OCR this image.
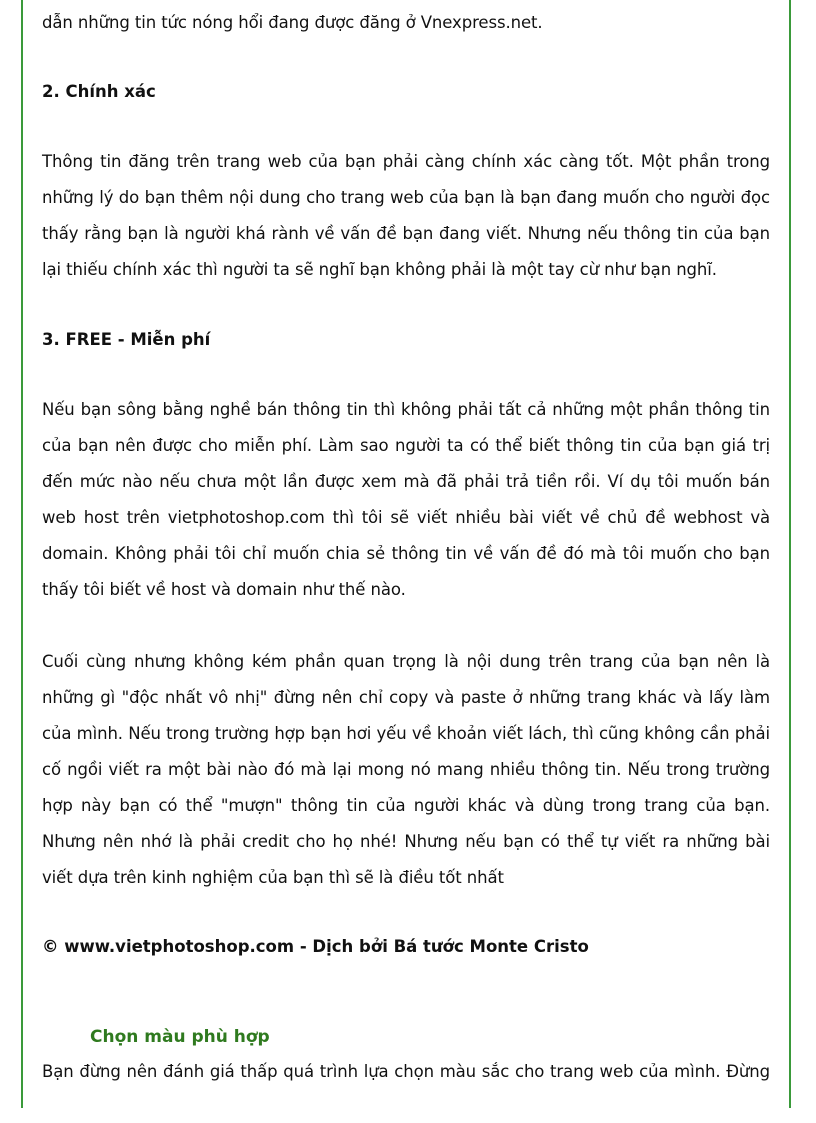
dẫn những tin tức nóng hổi đang được đăng ở Vnexpress.net.

2. Chính xác

Thông tin đăng trên trang web của bạn phải càng chính xác càng tốt. Một phần trong những lý do bạn thêm nội dung cho trang web của bạn là bạn đang muốn cho người đọc thấy rằng bạn là người khá rành về vấn đề bạn đang viết. Nhưng nếu thông tin của bạn lại thiếu chính xác thì người ta sẽ nghĩ bạn không phải là một tay cừ như bạn nghĩ.

3. FREE - Miễn phí

Nếu bạn sông bằng nghề bán thông tin thì không phải tất cả những một phần thông tin của bạn nên được cho miễn phí. Làm sao người ta có thể biết thông tin của bạn giá trị đến mức nào nếu chưa một lần được xem mà đã phải trả tiền rồi. Ví dụ tôi muốn bán web host trên vietphotoshop.com thì tôi sẽ viết nhiều bài viết về chủ đề webhost và domain. Không phải tôi chỉ muốn chia sẻ thông tin về vấn đề đó mà tôi muốn cho bạn thấy tôi biết về host và domain như thế nào.

Cuối cùng nhưng không kém phần quan trọng là nội dung trên trang của bạn nên là những gì "độc nhất vô nhị" đừng nên chỉ copy và paste ở những trang khác và lấy làm của mình. Nếu trong trường hợp bạn hơi yếu về khoản viết lách, thì cũng không cần phải cố ngồi viết ra một bài nào đó mà lại mong nó mang nhiều thông tin. Nếu trong trường hợp này bạn có thể "mượn" thông tin của người khác và dùng trong trang của bạn. Nhưng nên nhớ là phải credit cho họ nhé! Nhưng nếu bạn có thể tự viết ra những bài viết dựa trên kinh nghiệm của bạn thì sẽ là điều tốt nhất

© www.vietphotoshop.com - Dịch bởi Bá tước Monte Cristo

Chọn màu phù hợp

Bạn đừng nên đánh giá thấp quá trình lựa chọn màu sắc cho trang web của mình. Đừng
